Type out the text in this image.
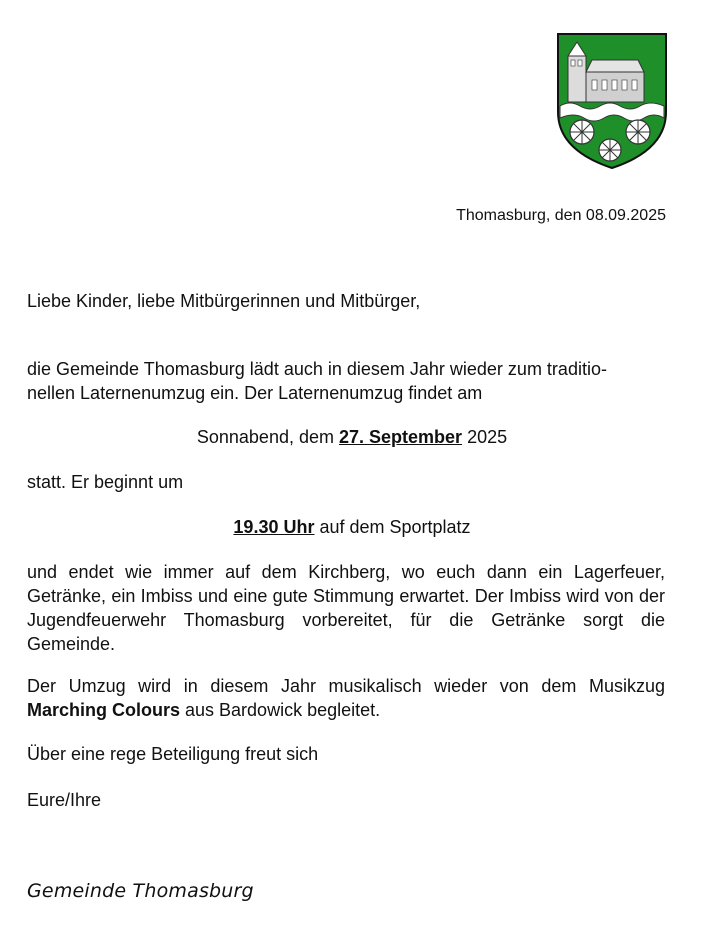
Thomasburg, den 08.09.2025

Liebe Kinder, liebe Mitbürgerinnen und Mitbürger,

die Gemeinde Thomasburg lädt auch in diesem Jahr wieder zum traditio-

nellen Laternenumzug ein. Der Laternenumzug findet am

Sonnabend, dem 27. September 2025

statt. Er beginnt um

19.30 Uhr auf dem Sportplatz

und endet wie immer auf dem Kirchberg, wo euch dann ein Lagerfeuer, Getränke, ein Imbiss und eine gute Stimmung erwartet. Der Imbiss wird von der Jugendfeuerwehr Thomasburg vorbereitet, für die Getränke sorgt die Gemeinde.

Der Umzug wird in diesem Jahr musikalisch wieder von dem Musikzug Marching Colours aus Bardowick begleitet.

Über eine rege Beteiligung freut sich

Eure/Ihre

Gemeinde Thomasburg
